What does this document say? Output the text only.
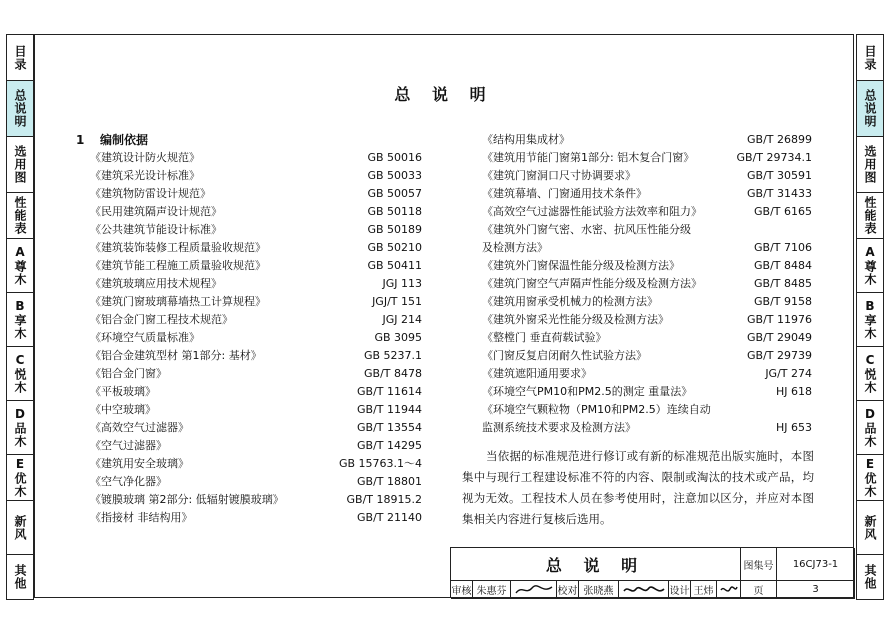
目录
总说明
选用图
性能表
A尊木
B享木
C悦木
D品木
E优木
新风
其他
目录
总说明
选用图
性能表
A尊木
B享木
C悦木
D品木
E优木
新风
其他
总 说 明
1 编制依据
《建筑设计防火规范》	GB 50016
《建筑采光设计标准》	GB 50033
《建筑物防雷设计规范》	GB 50057
《民用建筑隔声设计规范》	GB 50118
《公共建筑节能设计标准》	GB 50189
《建筑装饰装修工程质量验收规范》	GB 50210
《建筑节能工程施工质量验收规范》	GB 50411
《建筑玻璃应用技术规程》	JGJ 113
《建筑门窗玻璃幕墙热工计算规程》	JGJ/T 151
《铝合金门窗工程技术规范》	JGJ 214
《环境空气质量标准》	GB 3095
《铝合金建筑型材 第1部分: 基材》	GB 5237.1
《铝合金门窗》	GB/T 8478
《平板玻璃》	GB/T 11614
《中空玻璃》	GB/T 11944
《高效空气过滤器》	GB/T 13554
《空气过滤器》	GB/T 14295
《建筑用安全玻璃》	GB 15763.1～4
《空气净化器》	GB/T 18801
《镀膜玻璃 第2部分: 低辐射镀膜玻璃》	GB/T 18915.2
《指接材 非结构用》	GB/T 21140
《结构用集成材》	GB/T 26899
《建筑用节能门窗第1部分: 铝木复合门窗》	GB/T 29734.1
《建筑门窗洞口尺寸协调要求》	GB/T 30591
《建筑幕墙、门窗通用技术条件》	GB/T 31433
《高效空气过滤器性能试验方法效率和阻力》	GB/T 6165
《建筑外门窗气密、水密、抗风压性能分级
及检测方法》	GB/T 7106
《建筑外门窗保温性能分级及检测方法》	GB/T 8484
《建筑门窗空气声隔声性能分级及检测方法》	GB/T 8485
《建筑用窗承受机械力的检测方法》	GB/T 9158
《建筑外窗采光性能分级及检测方法》	GB/T 11976
《整樘门 垂直荷载试验》	GB/T 29049
《门窗反复启闭耐久性试验方法》	GB/T 29739
《建筑遮阳通用要求》	JG/T 274
《环境空气PM10和PM2.5的测定 重量法》	HJ 618
《环境空气颗粒物（PM10和PM2.5）连续自动
监测系统技术要求及检测方法》	HJ 653
当依据的标准规范进行修订或有新的标准规范出版实施时，本图集中与现行工程建设标准不符的内容、限制或淘汰的技术或产品，均视为无效。工程技术人员在参考使用时，注意加以区分，并应对本图集相关内容进行复核后选用。
总 说 明	图集号	16CJ73-1
审核 朱惠芬	校对 张晓燕	设计 王炜	页	3
